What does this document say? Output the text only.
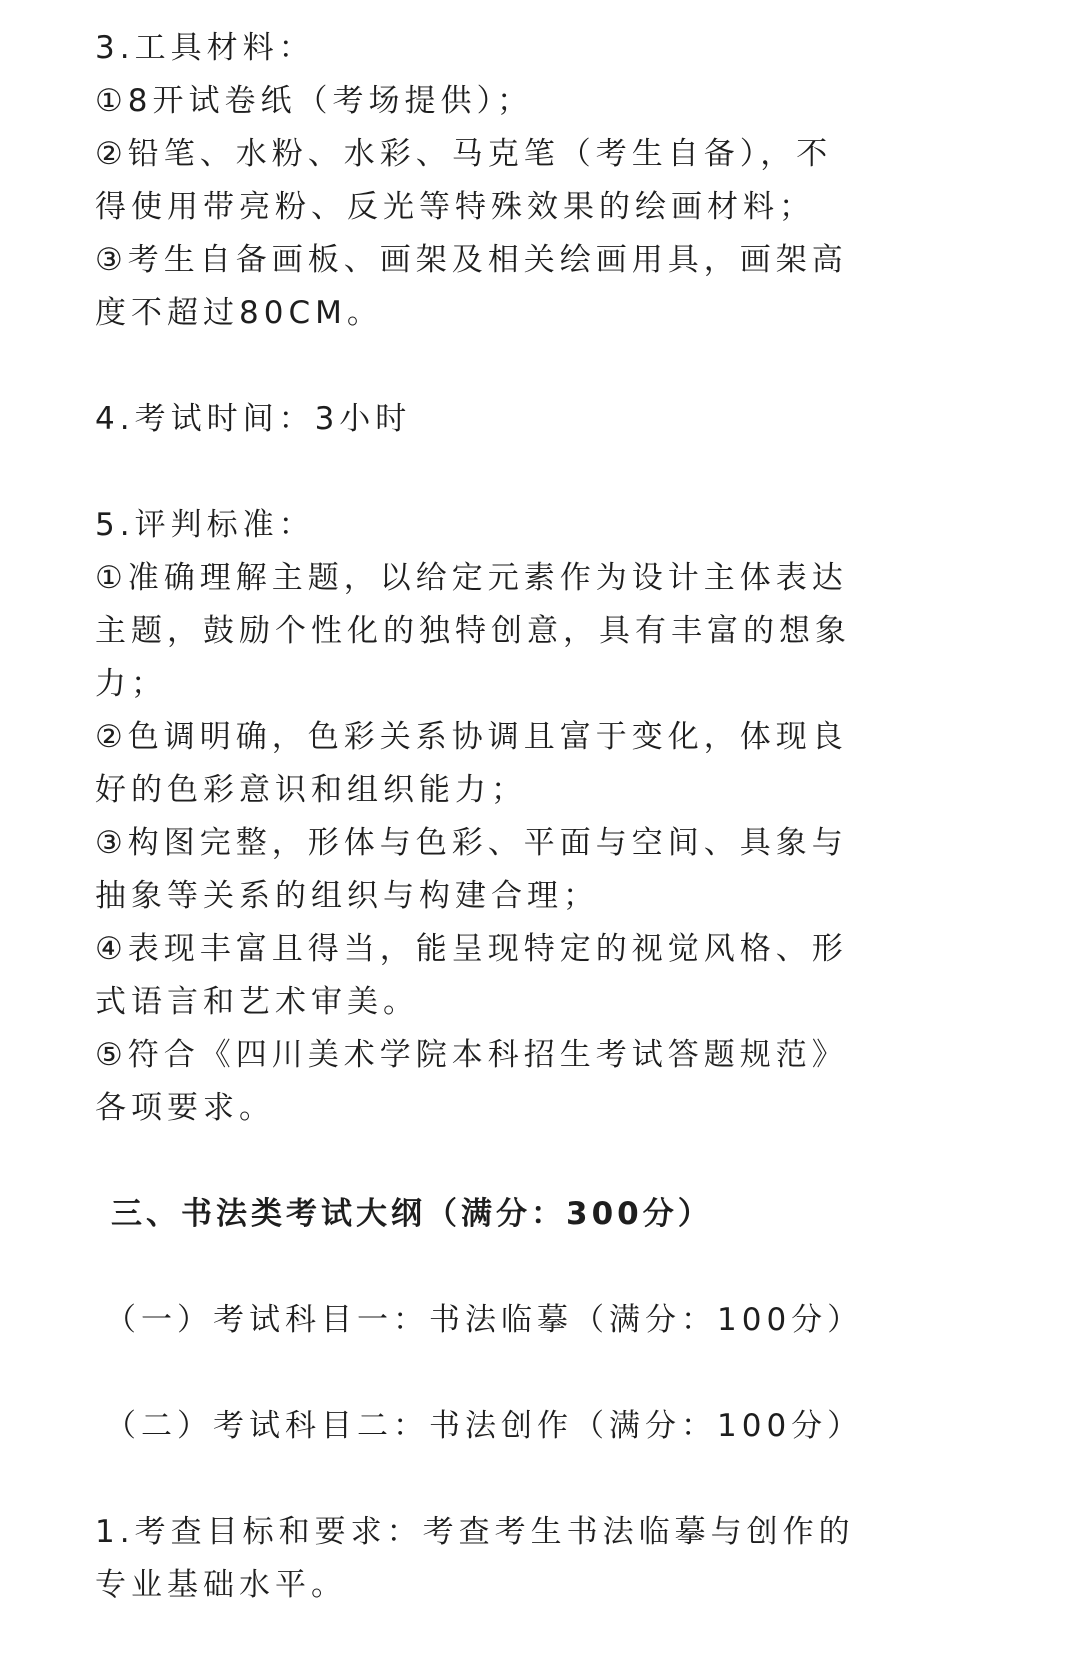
3.工具材料：
①8开试卷纸（考场提供）；
②铅笔、水粉、水彩、马克笔（考生自备），不
得使用带亮粉、反光等特殊效果的绘画材料；
③考生自备画板、画架及相关绘画用具，画架高
度不超过80CM。
4.考试时间：3小时
5.评判标准：
①准确理解主题，以给定元素作为设计主体表达
主题，鼓励个性化的独特创意，具有丰富的想象
力；
②色调明确，色彩关系协调且富于变化，体现良
好的色彩意识和组织能力；
③构图完整，形体与色彩、平面与空间、具象与
抽象等关系的组织与构建合理；
④表现丰富且得当，能呈现特定的视觉风格、形
式语言和艺术审美。
⑤符合《四川美术学院本科招生考试答题规范》
各项要求。
三、书法类考试大纲（满分：300分）
（一）考试科目一：书法临摹（满分：100分）
（二）考试科目二：书法创作（满分：100分）
1.考查目标和要求：考查考生书法临摹与创作的
专业基础水平。
